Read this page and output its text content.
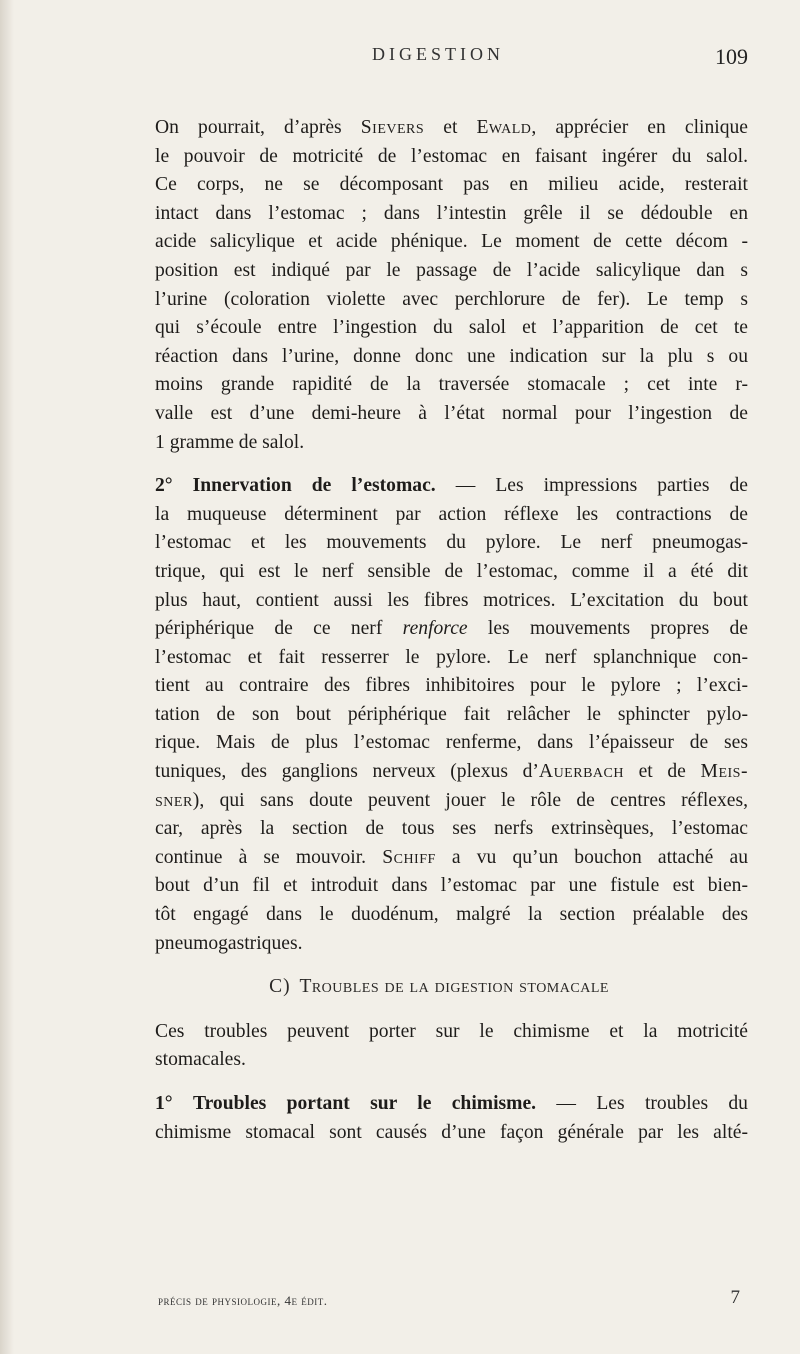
DIGESTION	109

On pourrait, d’après Sievers et Ewald, apprécier en clinique
le pouvoir de motricité de l’estomac en faisant ingérer du salol.
Ce corps, ne se décomposant pas en milieu acide, resterait
intact dans l’estomac ; dans l’intestin grêle il se dédouble en
acide salicylique et acide phénique. Le moment de cette décom -
position est indiqué par le passage de l’acide salicylique dan s
l’urine (coloration violette avec perchlorure de fer). Le temp s
qui s’écoule entre l’ingestion du salol et l’apparition de cet te
réaction dans l’urine, donne donc une indication sur la plu s ou
moins grande rapidité de la traversée stomacale ; cet inte r-
valle est d’une demi-heure à l’état normal pour l’ingestion de
1 gramme de salol.

2° Innervation de l’estomac. — Les impressions parties de
la muqueuse déterminent par action réflexe les contractions de
l’estomac et les mouvements du pylore. Le nerf pneumogas-
trique, qui est le nerf sensible de l’estomac, comme il a été dit
plus haut, contient aussi les fibres motrices. L’excitation du bout
périphérique de ce nerf renforce les mouvements propres de
l’estomac et fait resserrer le pylore. Le nerf splanchnique con-
tient au contraire des fibres inhibitoires pour le pylore ; l’exci-
tation de son bout périphérique fait relâcher le sphincter pylo-
rique. Mais de plus l’estomac renferme, dans l’épaisseur de ses
tuniques, des ganglions nerveux (plexus d’Auerbach et de Meis-
sner), qui sans doute peuvent jouer le rôle de centres réflexes,
car, après la section de tous ses nerfs extrinsèques, l’estomac
continue à se mouvoir. Schiff a vu qu’un bouchon attaché au
bout d’un fil et introduit dans l’estomac par une fistule est bien-
tôt engagé dans le duodénum, malgré la section préalable des
pneumogastriques.

C) Troubles de la digestion stomacale

Ces troubles peuvent porter sur le chimisme et la motricité
stomacales.

1° Troubles portant sur le chimisme. — Les troubles du
chimisme stomacal sont causés d’une façon générale par les alté-

précis de physiologie, 4e édit.	7
